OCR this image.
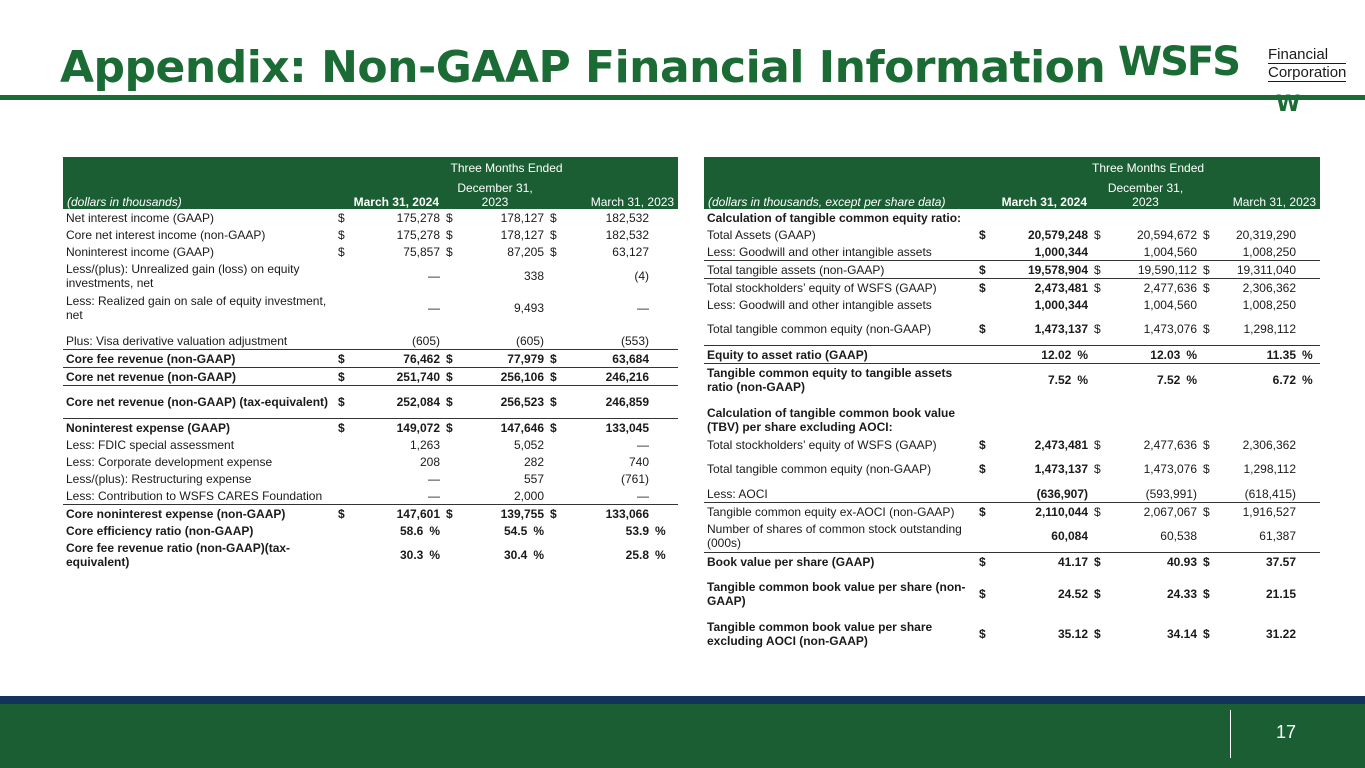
Appendix: Non-GAAP Financial Information WSFS Financial
Corporation
W
	Three Months Ended						
(dollars in thousands)	March 31, 2024		December 31, 2023		March 31, 2023		
Net interest income (GAAP)	$	175,278	$	178,127	$	182,532	
Core net interest income (non-GAAP)	$	175,278	$	178,127	$	182,532	
Noninterest income (GAAP)	$	75,857	$	87,205	$	63,127	
Less/(plus): Unrealized gain (loss) on equity investments, net		—		338		(4)	
Less: Realized gain on sale of equity investment, net		—		9,493		—	

Plus: Visa derivative valuation adjustment		(605)		(605)		(553)	
Core fee revenue (non-GAAP)	$	76,462	$	77,979	$	63,684	
Core net revenue (non-GAAP)	$	251,740	$	256,106	$	246,216	
Core net revenue (non-GAAP) (tax-equivalent)	$	252,084	$	256,523	$	246,859	
Noninterest expense (GAAP)	$	149,072	$	147,646	$	133,045	
Less: FDIC special assessment		1,263		5,052		—	
Less: Corporate development expense		208		282		740	
Less/(plus): Restructuring expense		—		557		(761)	
Less: Contribution to WSFS CARES Foundation		—		2,000		—	
Core noninterest expense (non-GAAP)	$	147,601	$	139,755	$	133,066	
Core efficiency ratio (non-GAAP)		58.6 %		54.5 %		53.9	%
Core fee revenue ratio (non-GAAP)(tax-equivalent)		30.3 %		30.4 %		25.8	%
	Three Months Ended						
(dollars in thousands, except per share data)	March 31, 2024		December 31, 2023		March 31, 2023		
Calculation of tangible common equity ratio:							
Total Assets (GAAP)	$	20,579,248	$	20,594,672	$	20,319,290	
Less: Goodwill and other intangible assets		1,000,344		1,004,560		1,008,250	
Total tangible assets (non-GAAP)	$	19,578,904	$	19,590,112	$	19,311,040	
Total stockholders’ equity of WSFS (GAAP)	$	2,473,481	$	2,477,636	$	2,306,362	
Less: Goodwill and other intangible assets		1,000,344		1,004,560		1,008,250	
Total tangible common equity (non-GAAP)	$	1,473,137	$	1,473,076	$	1,298,112	
Equity to asset ratio (GAAP)		12.02 %		12.03 %		11.35	%
Tangible common equity to tangible assets ratio (non-GAAP)		7.52 %		7.52 %		6.72	%

Calculation of tangible common book value (TBV) per share excluding AOCI:							
Total stockholders’ equity of WSFS (GAAP)	$	2,473,481	$	2,477,636	$	2,306,362	
Total tangible common equity (non-GAAP)	$	1,473,137	$	1,473,076	$	1,298,112	
Less: AOCI		(636,907)		(593,991)		(618,415)	
Tangible common equity ex-AOCI (non-GAAP)	$	2,110,044	$	2,067,067	$	1,916,527	
Number of shares of common stock outstanding (000s)		60,084		60,538		61,387	
Book value per share (GAAP)	$	41.17	$	40.93	$	37.57	

Tangible common book value per share (non-GAAP)	$	24.52	$	24.33	$	21.15	

Tangible common book value per share excluding AOCI (non-GAAP)	$	35.12	$	34.14	$	31.22	
17
